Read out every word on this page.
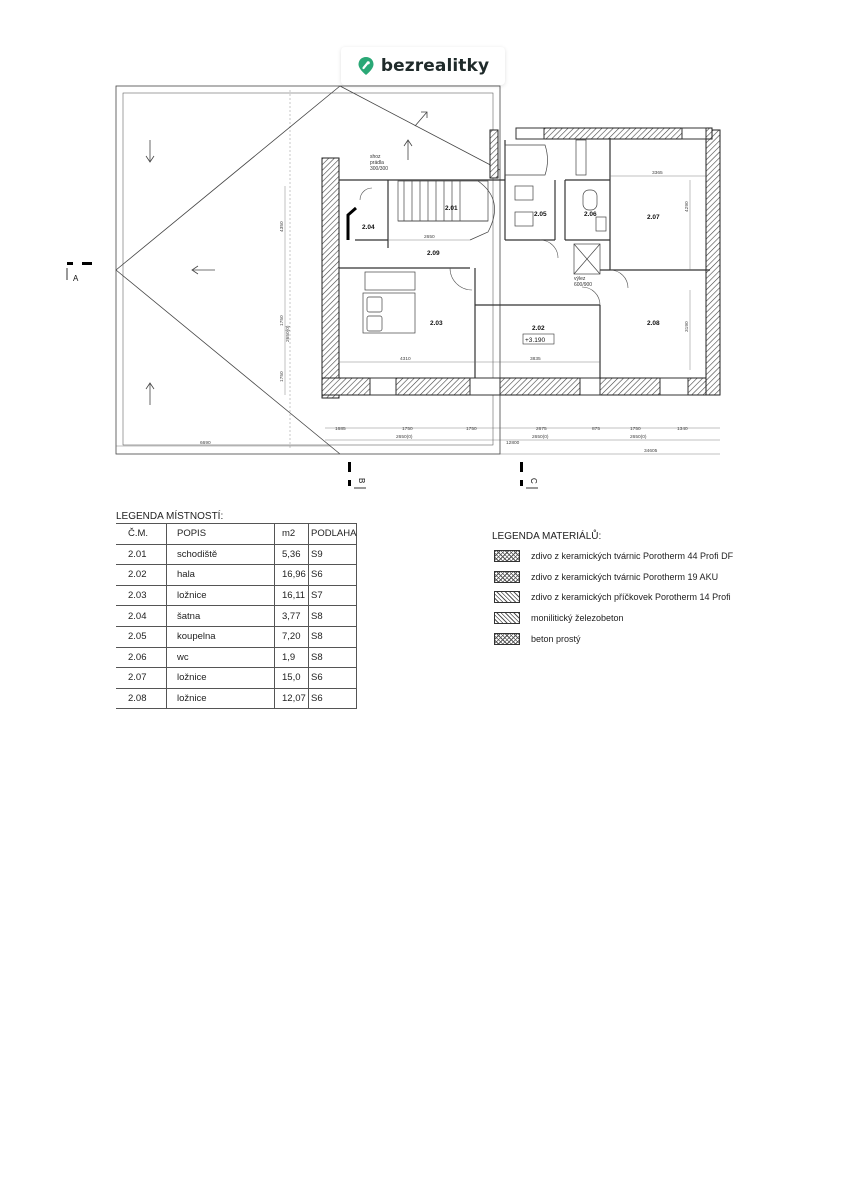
bezrealitky
2.01
2.02
2.03
2.04
2.05	2.06	2.07
2.08
2.09
+3.190
shoz
prádla
300/300
výlez
600/900
6690
1685	1750	1750	2675	875	1750	1340
2650(0)	2650(0)	2650(0)
12800
34605
4310	3835
3365
2650
4350
1750
1750
2650(0)
4290
3190
A
B	C
LEGENDA MÍSTNOSTÍ:
Č.M.	POPIS	m2	PODLAHA
2.01	schodiště	5,36	S9
2.02	hala	16,96	S6
2.03	ložnice	16,11	S7
2.04	šatna	3,77	S8
2.05	koupelna	7,20	S8
2.06	wc	1,9	S8
2.07	ložnice	15,0	S6
2.08	ložnice	12,07	S6
LEGENDA MATERIÁLŮ:
zdivo z keramických tvárnic Porotherm 44 Profi DF
zdivo z keramických tvárnic Porotherm 19 AKU
zdivo z keramických příčkovek Porotherm 14 Profi
monilitický železobeton
beton prostý
